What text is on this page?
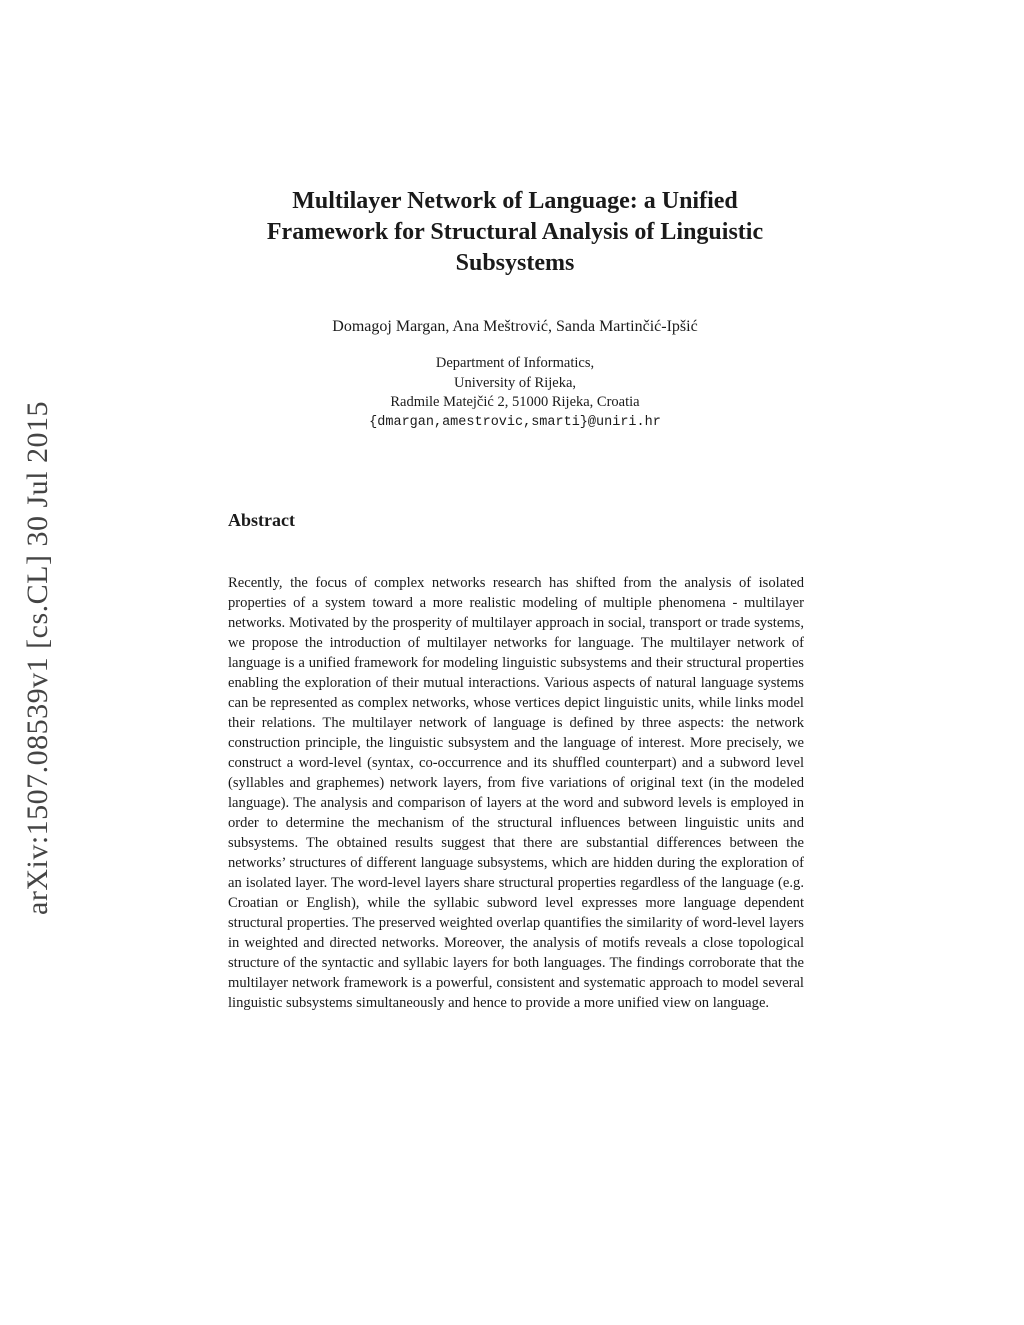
arXiv:1507.08539v1 [cs.CL] 30 Jul 2015
Multilayer Network of Language: a Unified
Framework for Structural Analysis of Linguistic
Subsystems
Domagoj Margan, Ana Meštrović, Sanda Martinčić-Ipšić
Department of Informatics,
University of Rijeka,
Radmile Matejčić 2, 51000 Rijeka, Croatia
{dmargan,amestrovic,smarti}@uniri.hr
Abstract
Recently, the focus of complex networks research has shifted from the analysis of isolated properties of a system toward a more realistic modeling of multiple phenomena - multilayer networks. Motivated by the prosperity of multilayer approach in social, transport or trade systems, we propose the introduction of multilayer networks for language. The multilayer network of language is a unified framework for modeling linguistic subsystems and their structural properties enabling the exploration of their mutual interactions. Various aspects of natural language systems can be represented as complex networks, whose vertices depict linguistic units, while links model their relations. The multilayer network of language is defined by three aspects: the network construction principle, the linguistic subsystem and the language of interest. More precisely, we construct a word-level (syntax, co-occurrence and its shuffled counterpart) and a subword level (syllables and graphemes) network layers, from five variations of original text (in the modeled language). The analysis and comparison of layers at the word and subword levels is employed in order to determine the mechanism of the structural influences between linguistic units and subsystems. The obtained results suggest that there are substantial differences between the networks’ structures of different language subsystems, which are hidden during the exploration of an isolated layer. The word-level layers share structural properties regardless of the language (e.g. Croatian or English), while the syllabic subword level expresses more language dependent structural properties. The preserved weighted overlap quantifies the similarity of word-level layers in weighted and directed networks. Moreover, the analysis of motifs reveals a close topological structure of the syntactic and syllabic layers for both languages. The findings corroborate that the multilayer network framework is a powerful, consistent and systematic approach to model several linguistic subsystems simultaneously and hence to provide a more unified view on language.
